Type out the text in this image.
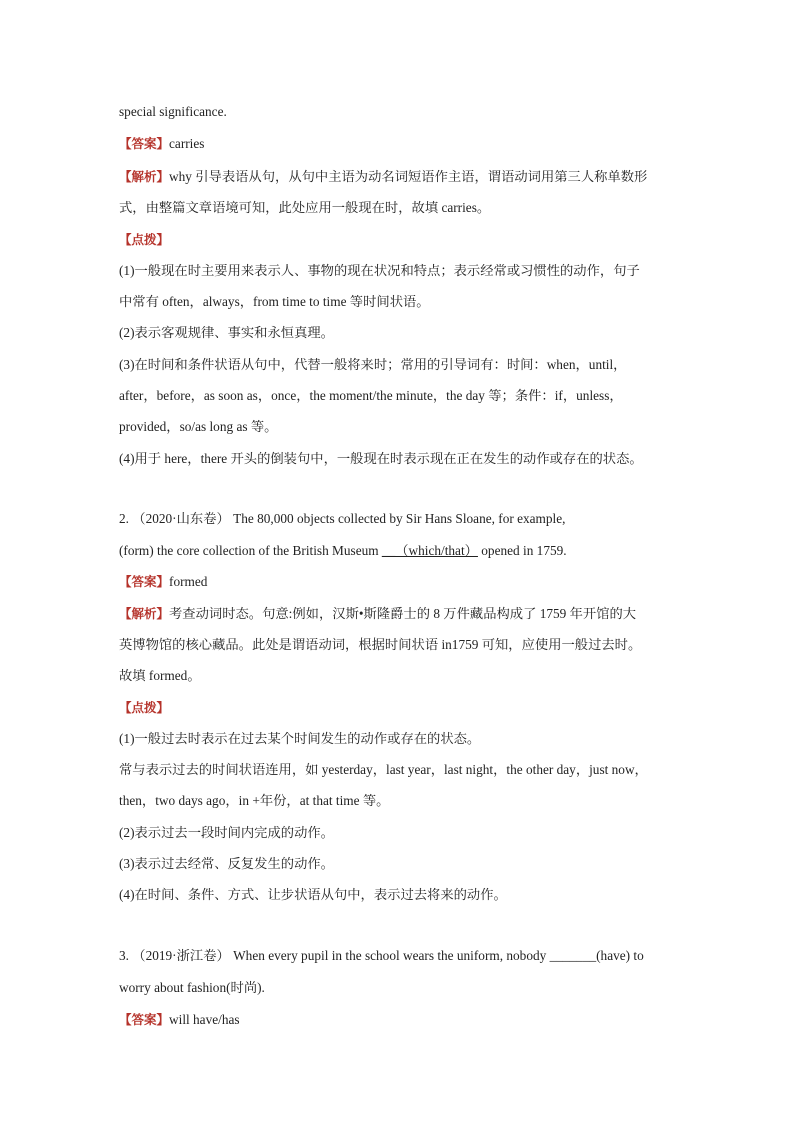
special significance.
【答案】carries
【解析】why 引导表语从句，从句中主语为动名词短语作主语，谓语动词用第三人称单数形
式，由整篇文章语境可知，此处应用一般现在时，故填 carries。
【点拨】
(1)一般现在时主要用来表示人、事物的现在状况和特点；表示经常或习惯性的动作，句子
中常有 often，always，from time to time 等时间状语。
(2)表示客观规律、事实和永恒真理。
(3)在时间和条件状语从句中，代替一般将来时；常用的引导词有：时间：when，until，
after，before，as soon as，once，the moment/the minute，the day 等；条件：if，unless，
provided，so/as long as 等。
(4)用于 here，there 开头的倒装句中，一般现在时表示现在正在发生的动作或存在的状态。
2. （2020·山东卷） The 80,000 objects collected by Sir Hans Sloane, for example,
(form) the core collection of the British Museum __（which/that） opened in 1759.
【答案】formed
【解析】考查动词时态。句意:例如，汉斯•斯隆爵士的 8 万件藏品构成了 1759 年开馆的大
英博物馆的核心藏品。此处是谓语动词，根据时间状语 in1759 可知，应使用一般过去时。
故填 formed。
【点拨】
(1)一般过去时表示在过去某个时间发生的动作或存在的状态。
常与表示过去的时间状语连用，如 yesterday，last year，last night，the other day，just now，
then，two days ago，in +年份，at that time 等。
(2)表示过去一段时间内完成的动作。
(3)表示过去经常、反复发生的动作。
(4)在时间、条件、方式、让步状语从句中，表示过去将来的动作。
3. （2019·浙江卷） When every pupil in the school wears the uniform, nobody _______(have) to
worry about fashion(时尚).
【答案】will have/has
